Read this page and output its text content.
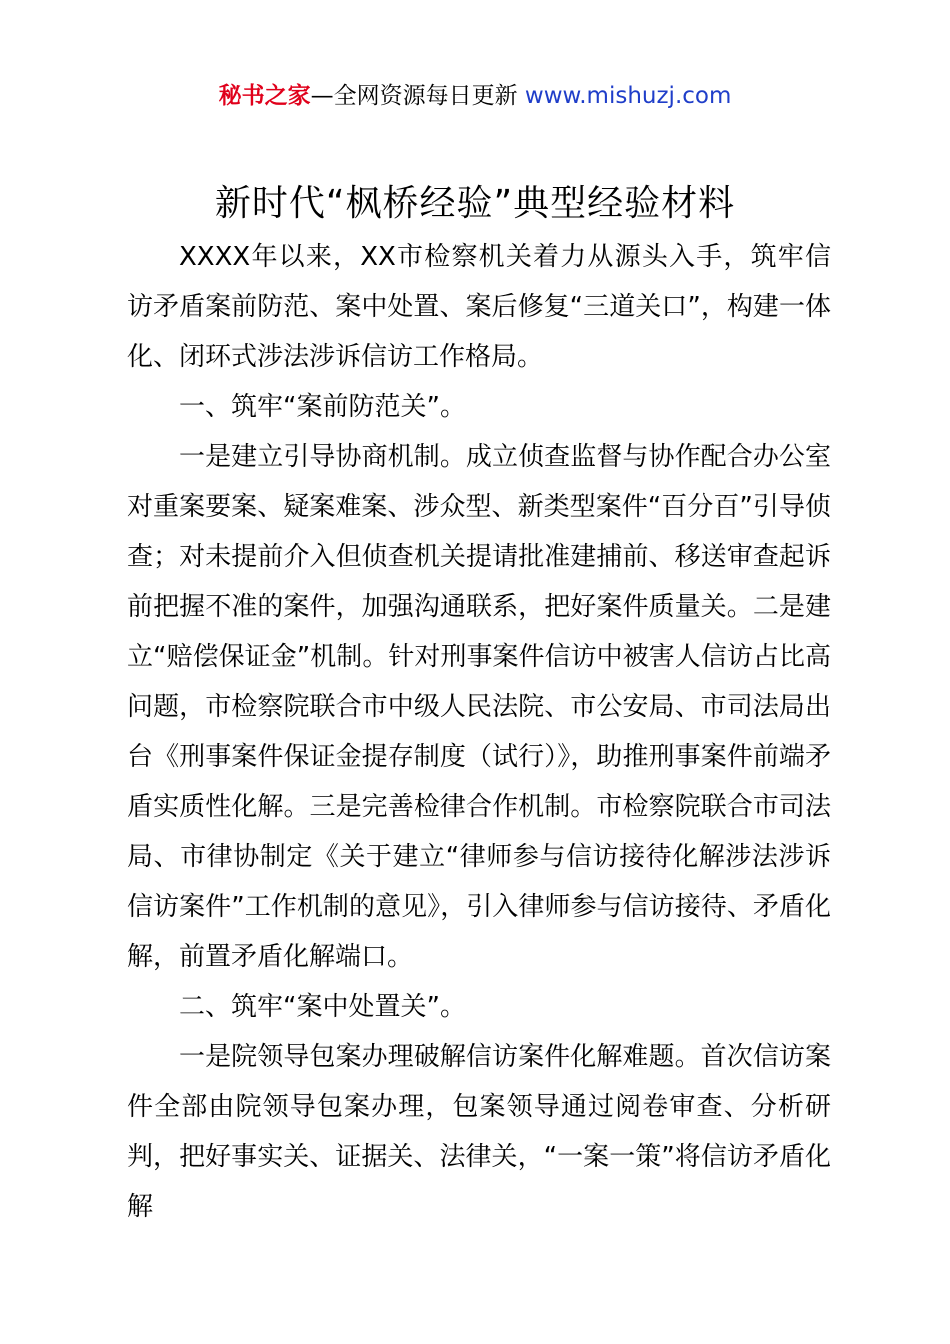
秘书之家—全网资源每日更新 www.mishuzj.com
新时代“枫桥经验”典型经验材料

XXXX年以来，XX市检察机关着力从源头入手，筑牢信访矛盾案前防范、案中处置、案后修复“三道关口”，构建一体化、闭环式涉法涉诉信访工作格局。

一、筑牢“案前防范关”。

一是建立引导协商机制。成立侦查监督与协作配合办公室对重案要案、疑案难案、涉众型、新类型案件“百分百”引导侦查；对未提前介入但侦查机关提请批准建捕前、移送审查起诉前把握不准的案件，加强沟通联系，把好案件质量关。二是建立“赔偿保证金”机制。针对刑事案件信访中被害人信访占比高问题，市检察院联合市中级人民法院、市公安局、市司法局出台《刑事案件保证金提存制度（试行）》，助推刑事案件前端矛盾实质性化解。三是完善检律合作机制。市检察院联合市司法局、市律协制定《关于建立“律师参与信访接待化解涉法涉诉信访案件”工作机制的意见》，引入律师参与信访接待、矛盾化解，前置矛盾化解端口。

二、筑牢“案中处置关”。

一是院领导包案办理破解信访案件化解难题。首次信访案件全部由院领导包案办理，包案领导通过阅卷审查、分析研判，把好事实关、证据关、法律关，“一案一策”将信访矛盾化解
